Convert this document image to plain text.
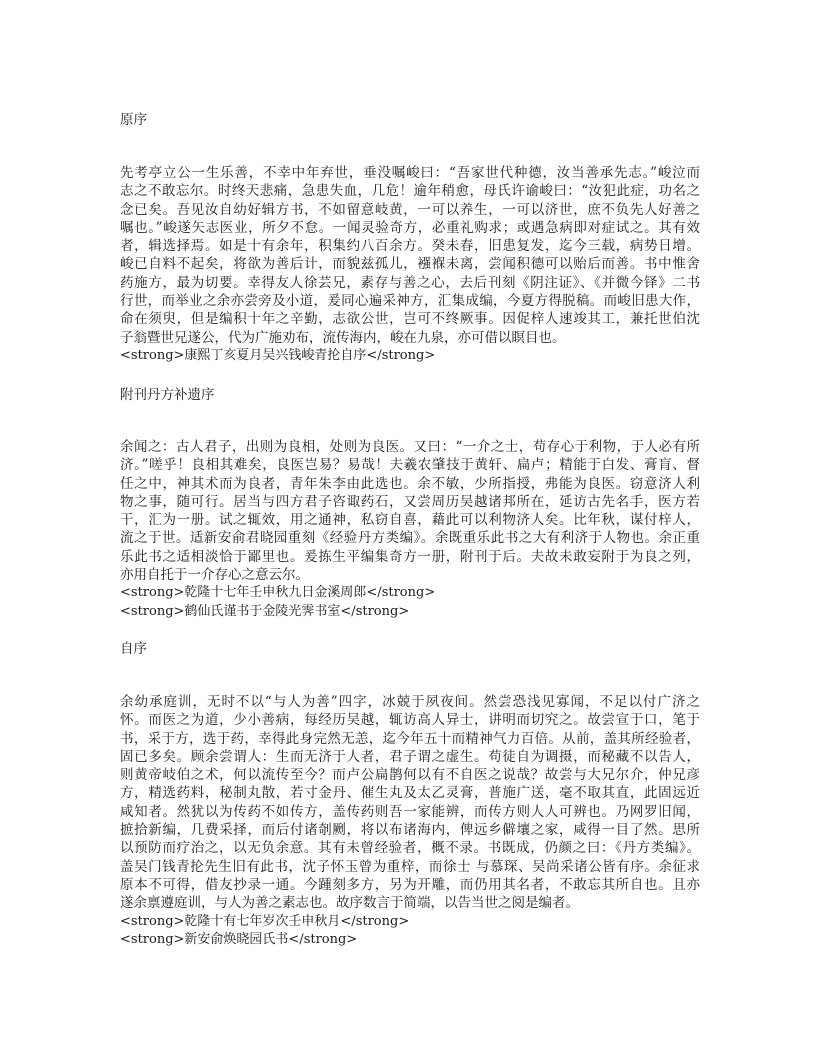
原序
先考亭立公一生乐善，不幸中年弃世，垂没嘱峻曰：“吾家世代种德，汝当善承先志。”峻泣而
志之不敢忘尔。时终天悲痛，急患失血，几危！逾年稍愈，母氏许谕峻曰：“汝犯此症，功名之
念已矣。吾见汝自幼好辑方书，不如留意岐黄，一可以养生，一可以济世，庶不负先人好善之
嘱也。”峻遂矢志医业，所夕不怠。一闻灵验奇方，必重礼购求；或遇急病即对症试之。其有效
者，辑选择焉。如是十有余年，积集约八百余方。癸未春，旧患复发，迄今三载，病势日增。
峻已自料不起矣，将欲为善后计，而貌兹孤儿，襁褓未离，尝闻积德可以贻后而善。书中惟舍
药施方，最为切要。幸得友人徐芸兄，素存与善之心，去后刊刻《阴注证》、《并微今铎》二书
行世，而举业之余亦尝旁及小道，爰同心遍采神方，汇集成编，今夏方得脱稿。而峻旧患大作，
命在须臾，但是编积十年之辛勤，志欲公世，岂可不终厥事。因促梓人速竣其工，兼托世伯沈
子翁暨世兄遂公，代为广施劝布，流传海内，峻在九泉，亦可借以瞑目也。
<strong>康熙丁亥夏月吴兴钱峻青抡自序</strong>
附刊丹方补遗序
余闻之：古人君子，出则为良相，处则为良医。又曰：“一介之士，苟存心于利物，于人必有所
济。”嗟乎！良相其难矣，良医岂易？易哉！夫羲农肇技于黄轩、扁卢；精能于白发、膏肓、督
任之中，神其术而为良者，青年朱李由此选也。余不敏，少所指授，弗能为良医。窃意济人利
物之事，随可行。居当与四方君子咨诹药石，又尝周历吴越诸邦所在，延访古先名手，医方若
干，汇为一册。试之辄效，用之通神，私窃自喜，藉此可以利物济人矣。比年秋，谋付梓人，
流之于世。适新安俞君晓园重刻《经验丹方类编》。余既重乐此书之大有利济于人物也。余正重
乐此书之适相淡恰于鄙里也。爰拣生平编集奇方一册，附刊于后。夫故未敢妄附于为良之列，
亦用自托于一介存心之意云尔。
<strong>乾隆十七年壬申秋九日金溪周郎</strong>
<strong>鹤仙氏谨书于金陵光霁书室</strong>
自序
余幼承庭训，无时不以“与人为善”四字，冰兢于夙夜间。然尝恐浅见寡闻，不足以付广济之
怀。而医之为道，少小善病，每经历吴越，辄访高人异士，讲明而切究之。故尝宣于口，笔于
书，采于方，选于药，幸得此身完然无恙，迄今年五十而精神气力百倍。从前，盖其所经验者，
固已多矣。顾余尝谓人：生而无济于人者，君子谓之虚生。苟徒自为调摄，而秘藏不以告人，
则黄帝岐伯之术，何以流传至今？而卢公扁鹊何以有不自医之说哉？故尝与大兄尔介，仲兄彦
方，精选药料，秘制丸散，若寸金丹、催生丸及太乙灵膏，普施广送，毫不取其直，此固远近
咸知者。然犹以为传药不如传方，盖传药则吾一家能辨，而传方则人人可辨也。乃网罗旧闻，
摭拾新编，几费采择，而后付诸剞劂，将以布诸海内，俾远乡僻壤之家，咸得一目了然。思所
以预防而疗治之，以无负余意。其有未曾经验者，概不录。书既成，仍颜之曰：《丹方类编》。
盖吴门钱青抡先生旧有此书，沈子怀玉曾为重梓，而徐士 与慕琛、吴尚采诸公皆有序。余征求
原本不可得，借友抄录一通。今踵刻多方，另为开雕，而仍用其名者，不敢忘其所自也。且亦
遂余禀遵庭训，与人为善之素志也。故序数言于简端，以告当世之阅是编者。
<strong>乾隆十有七年岁次壬申秋月</strong>
<strong>新安俞焕晓园氏书</strong>
